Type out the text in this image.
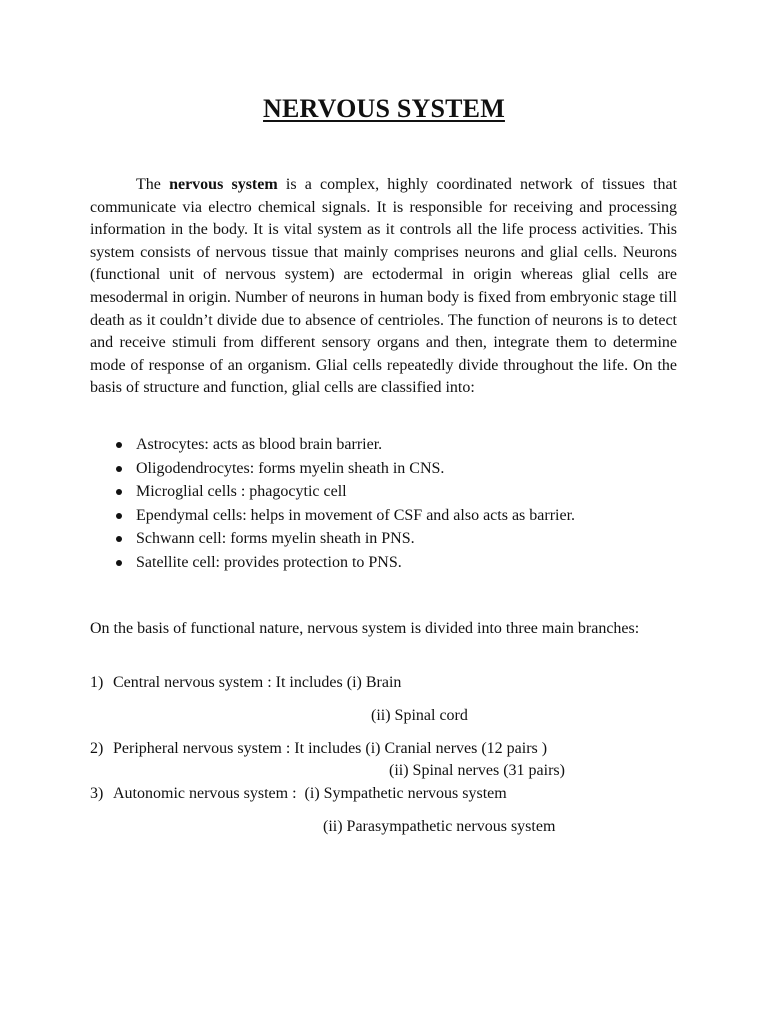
NERVOUS SYSTEM

The nervous system is a complex, highly coordinated network of tissues that communicate via electro chemical signals. It is responsible for receiving and processing information in the body. It is vital system as it controls all the life process activities. This system consists of nervous tissue that mainly comprises neurons and glial cells. Neurons (functional unit of nervous system) are ectodermal in origin whereas glial cells are mesodermal in origin. Number of neurons in human body is fixed from embryonic stage till death as it couldn’t divide due to absence of centrioles. The function of neurons is to detect and receive stimuli from different sensory organs and then, integrate them to determine mode of response of an organism. Glial cells repeatedly divide throughout the life. On the basis of structure and function, glial cells are classified into:

Astrocytes: acts as blood brain barrier.
Oligodendrocytes: forms myelin sheath in CNS.
Microglial cells : phagocytic cell
Ependymal cells: helps in movement of CSF and also acts as barrier.
Schwann cell: forms myelin sheath in PNS.
Satellite cell: provides protection to PNS.

On the basis of functional nature, nervous system is divided into three main branches:

1) Central nervous system : It includes (i) Brain
(ii) Spinal cord
2) Peripheral nervous system : It includes (i) Cranial nerves (12 pairs )
(ii) Spinal nerves (31 pairs)
3) Autonomic nervous system :  (i) Sympathetic nervous system
(ii) Parasympathetic nervous system
